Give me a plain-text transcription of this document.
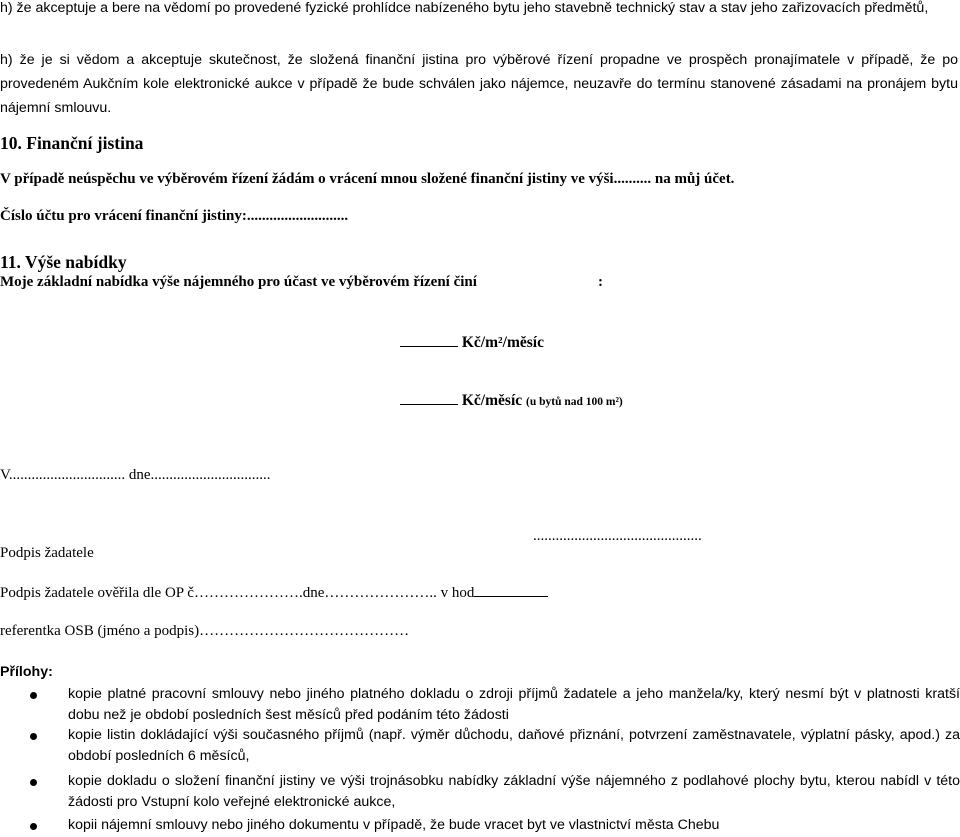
h) že akceptuje a bere na vědomí po provedené fyzické prohlídce nabízeného bytu jeho stavebně technický stav a stav jeho zařizovacích předmětů,
h) že je si vědom a akceptuje skutečnost, že složená finanční jistina pro výběrové řízení propadne ve prospěch pronajímatele v případě, že po provedeném Aukčním kole elektronické aukce v případě že bude schválen jako nájemce, neuzavře do termínu stanovené zásadami na pronájem bytu nájemní smlouvu.
10. Finanční jistina
V případě neúspěchu ve výběrovém řízení žádám o vrácení mnou složené finanční jistiny ve výši.......... na můj účet.
Číslo účtu pro vrácení finanční jistiny:...........................
11. Výše nabídky
Moje základní nabídka výše nájemného pro účast ve výběrovém řízení činí	:
Kč/m²/měsíc
Kč/měsíc (u bytů nad 100 m²)
V............................... dne................................
.............................................
Podpis žadatele
Podpis žadatele ověřila dle OP č………………….dne………………….. v hod
referentka OSB (jméno a podpis)……………………………………
Přílohy:
kopie platné pracovní smlouvy nebo jiného platného dokladu o zdroji příjmů žadatele a jeho manžela/ky, který nesmí být v platnosti kratší dobu než je období posledních šest měsíců před podáním této žádosti
kopie listin dokládající výši současného příjmů (např. výměr důchodu, daňové přiznání, potvrzení zaměstnavatele, výplatní pásky, apod.) za období posledních 6 měsíců,
kopie dokladu o složení finanční jistiny ve výši trojnásobku nabídky základní výše nájemného z podlahové plochy bytu, kterou nabídl v této žádosti pro Vstupní kolo veřejné elektronické aukce,
kopii nájemní smlouvy nebo jiného dokumentu v případě, že bude vracet byt ve vlastnictví města Chebu
